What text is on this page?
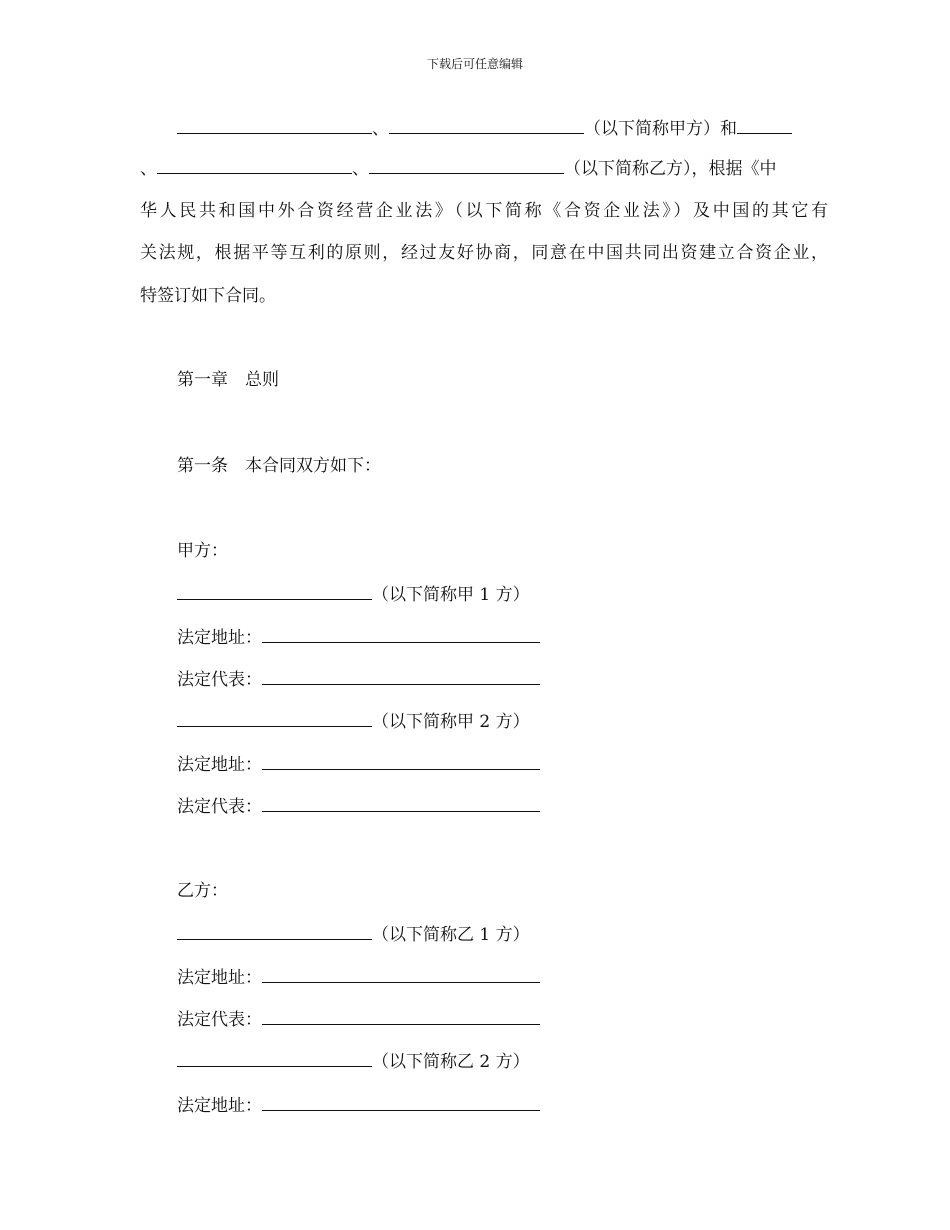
下载后可任意编辑
、	（以下简称甲方）和
、	、	（以下简称乙方），根据《中
华人民共和国中外合资经营企业法》（以下简称《合资企业法》）及中国的其它有
关法规，根据平等互利的原则，经过友好协商，同意在中国共同出资建立合资企业，
特签订如下合同。
第一章　总则
第一条　本合同双方如下：
甲方：
（以下简称甲 1 方）
法定地址：
法定代表：
（以下简称甲 2 方）
法定地址：
法定代表：
乙方：
（以下简称乙 1 方）
法定地址：
法定代表：
（以下简称乙 2 方）
法定地址：
